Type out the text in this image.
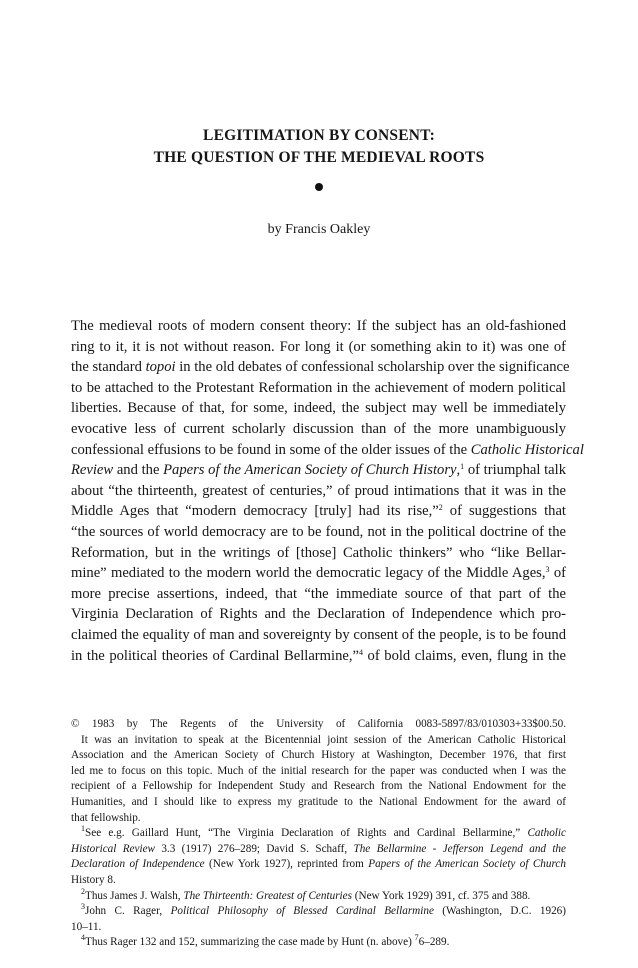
LEGITIMATION BY CONSENT:
THE QUESTION OF THE MEDIEVAL ROOTS
by Francis Oakley
The medieval roots of modern consent theory: If the subject has an old-fashioned
ring to it, it is not without reason. For long it (or something akin to it) was one of
the standard topoi in the old debates of confessional scholarship over the significance
to be attached to the Protestant Reformation in the achievement of modern political
liberties. Because of that, for some, indeed, the subject may well be immediately
evocative less of current scholarly discussion than of the more unambiguously
confessional effusions to be found in some of the older issues of the Catholic Historical
Review and the Papers of the American Society of Church History,$^1$ of triumphal talk
about “the thirteenth, greatest of centuries,” of proud intimations that it was in the
Middle Ages that “modern democracy [truly] had its rise,”$^2$ of suggestions that
“the sources of world democracy are to be found, not in the political doctrine of the
Reformation, but in the writings of [those] Catholic thinkers” who “like Bellar-
mine” mediated to the modern world the democratic legacy of the Middle Ages,$^3$ of
more precise assertions, indeed, that “the immediate source of that part of the
Virginia Declaration of Rights and the Declaration of Independence which pro-
claimed the equality of man and sovereignty by consent of the people, is to be found
in the political theories of Cardinal Bellarmine,”$^4$ of bold claims, even, flung in the
© 1983 by The Regents of the University of California 0083-5897/83/010303+33$00.50.
It was an invitation to speak at the Bicentennial joint session of the American Catholic Historical
Association and the American Society of Church History at Washington, December 1976, that first
led me to focus on this topic. Much of the initial research for the paper was conducted when I was the
recipient of a Fellowship for Independent Study and Research from the National Endowment for the
Humanities, and I should like to express my gratitude to the National Endowment for the award of
that fellowship.
$^1$See e.g. Gaillard Hunt, “The Virginia Declaration of Rights and Cardinal Bellarmine,” Catholic
Historical Review 3.3 (1917) 276–289; David S. Schaff, The Bellarmine - Jefferson Legend and the
Declaration of Independence (New York 1927), reprinted from Papers of the American Society of Church
History 8.
$^2$Thus James J. Walsh, The Thirteenth: Greatest of Centuries (New York 1929) 391, cf. 375 and 388.
$^3$John C. Rager, Political Philosophy of Blessed Cardinal Bellarmine (Washington, D.C. 1926)
10–11.
$^4$Thus Rager 132 and 152, summarizing the case made by Hunt (n. above) $^7$6–289.
